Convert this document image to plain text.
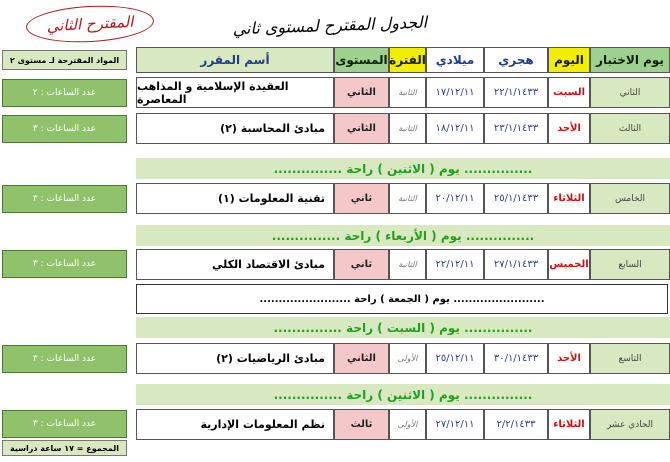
المقترح الثاني	الجدول المقترح لمستوى ثاني
المواد المقترحة لـ مستوى ٢	يوم الاختبار
اليوم
هجري
ميلادي
الفترة
المستوى
أسم المقرر
الثاني
السبت
٢٢/١/١٤٣٣
١٧/١٢/١١
الثانية
الثاني
العقيدة الإسلامية و المذاهب المعاصرة
الثالث
الأحد
٢٣/١/١٤٣٣
١٨/١٢/١١
الثانية
الثاني
مبادئ المحاسبة (٢)
............... يوم ( الاثنين ) راحة ...............
الخامس
الثلاثاء
٢٥/١/١٤٣٣
٢٠/١٢/١١
الثانية
ثاني
تقنية المعلومات (١)
............... يوم ( الأربعاء ) راحة ...............
السابع
الخميس
٢٧/١/١٤٣٣
٢٢/١٢/١١
الثانية
ثاني
مبادئ الاقتصاد الكلي
........................ يوم ( الجمعة ) راحة ........................
............... يوم ( السبت ) راحة ...............
التاسع
الأحد
٣٠/١/١٤٣٣
٢٥/١٢/١١
الأولى
الثاني
مبادئ الرياضيات (٢)
............... يوم ( الاثنين ) راحة ...............
الحادي عشر
الثلاثاء
٢/٢/١٤٣٣
٢٧/١٢/١١
الأولى
ثالث
نظم المعلومات الإدارية
عدد الساعات : ٢
عدد الساعات : ٣
عدد الساعات : ٣
عدد الساعات : ٣
عدد الساعات : ٣
عدد الساعات : ٣
المجموع = ١٧ ساعة دراسية
